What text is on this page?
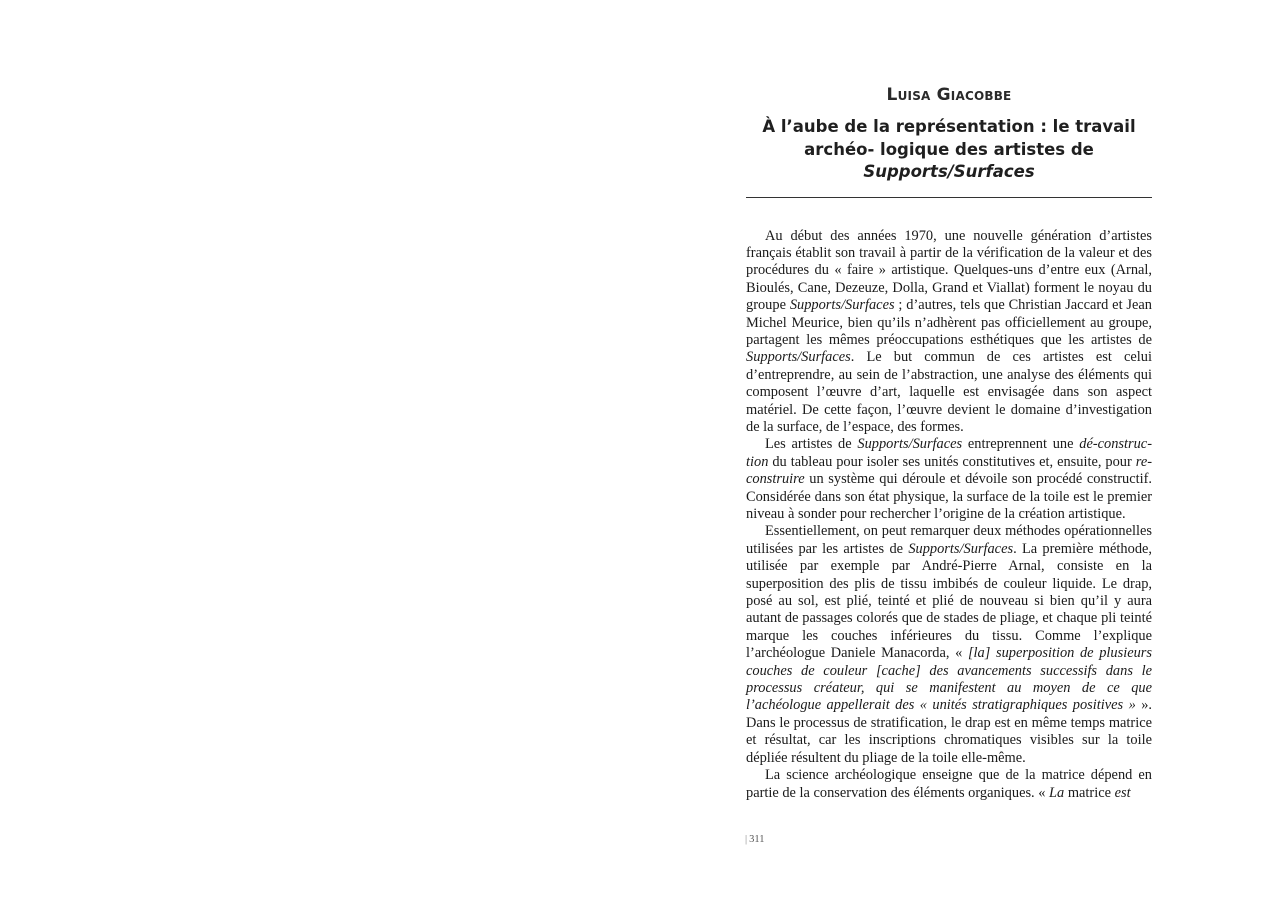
Luisa Giacobbe
À l’aube de la représentation : le travail archéo- logique des artistes de Supports/Surfaces

Au début des années 1970, une nouvelle génération d’artistes français établit son travail à partir de la vérification de la valeur et des procédures du « faire » artistique. Quelques-uns d’entre eux (Arnal, Bioulés, Cane, Dezeuze, Dolla, Grand et Viallat) forment le noyau du groupe Supports/Surfaces ; d’autres, tels que Christian Jaccard et Jean Michel Meurice, bien qu’ils n’adhèrent pas officiellement au groupe, partagent les mêmes préoccupations esthétiques que les artistes de Supports/Surfaces. Le but commun de ces artistes est celui d’entreprendre, au sein de l’abstraction, une analyse des éléments qui composent l’œuvre d’art, laquelle est envisagée dans son aspect matériel. De cette façon, l’œuvre devient le domaine d’investigation de la surface, de l’espace, des formes.

Les artistes de Supports/Surfaces entreprennent une dé-construction du tableau pour isoler ses unités constitutives et, ensuite, pour re-construire un système qui déroule et dévoile son procédé constructif. Considérée dans son état physique, la surface de la toile est le premier niveau à sonder pour rechercher l’origine de la création artistique.

Essentiellement, on peut remarquer deux méthodes opérationnelles utilisées par les artistes de Supports/Surfaces. La première méthode, utilisée par exemple par André-Pierre Arnal, consiste en la superposition des plis de tissu imbibés de couleur liquide. Le drap, posé au sol, est plié, teinté et plié de nouveau si bien qu’il y aura autant de passages colorés que de stades de pliage, et chaque pli teinté marque les couches inférieures du tissu. Comme l’explique l’archéologue Daniele Manacorda, « [la] superposition de plusieurs couches de couleur [cache] des avancements successifs dans le processus créateur, qui se manifestent au moyen de ce que l’achéologue appellerait des « unités stratigraphiques positives » ». Dans le processus de stratification, le drap est en même temps matrice et résultat, car les inscriptions chromatiques visibles sur la toile dépliée résultent du pliage de la toile elle-même.

La science archéologique enseigne que de la matrice dépend en partie de la conservation des éléments organiques. « La matrice est

| 311
